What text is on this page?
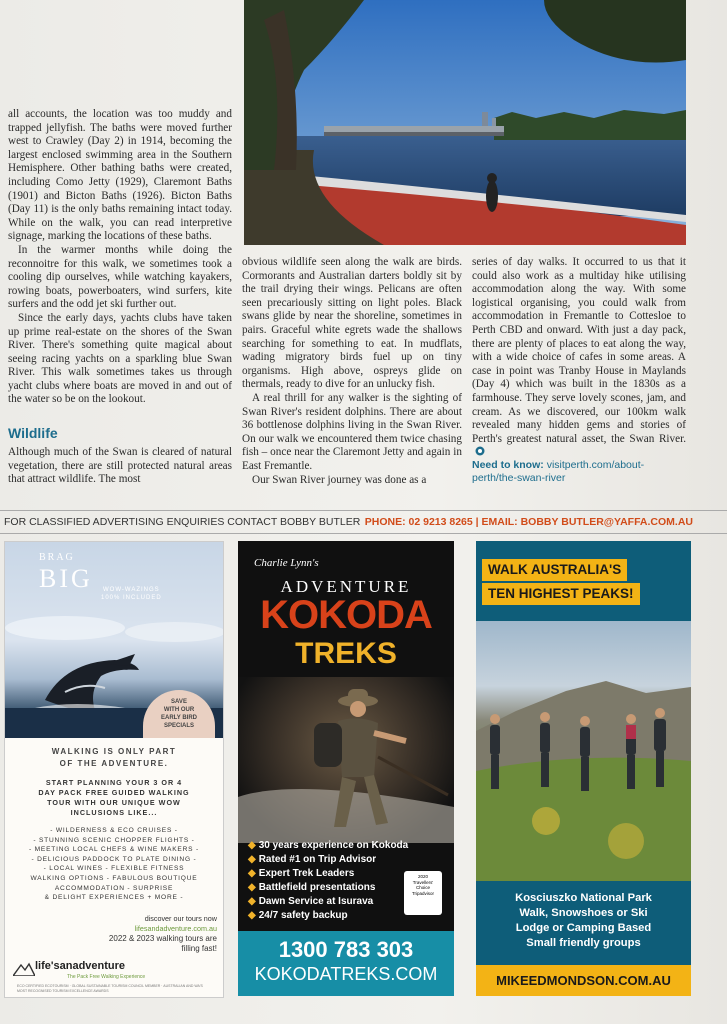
all accounts, the location was too muddy and trapped jellyfish. The baths were moved further west to Crawley (Day 2) in 1914, becoming the largest enclosed swimming area in the Southern Hemisphere. Other bathing baths were created, including Como Jetty (1929), Claremont Baths (1901) and Bicton Baths (1926). Bicton Baths (Day 11) is the only baths remaining intact today. While on the walk, you can read interpretive signage, marking the locations of these baths.

In the warmer months while doing the reconnoitre for this walk, we sometimes took a cooling dip ourselves, while watching kayakers, rowing boats, powerboaters, wind surfers, kite surfers and the odd jet ski further out.

Since the early days, yachts clubs have taken up prime real-estate on the shores of the Swan River. There's something quite magical about seeing racing yachts on a sparkling blue Swan River. This walk sometimes takes us through yacht clubs where boats are moved in and out of the water so be on the lookout.

Wildlife

Although much of the Swan is cleared of natural vegetation, there are still protected natural areas that attract wildlife. The most

obvious wildlife seen along the walk are birds. Cormorants and Australian darters boldly sit by the trail drying their wings. Pelicans are often seen precariously sitting on light poles. Black swans glide by near the shoreline, sometimes in pairs. Graceful white egrets wade the shallows searching for something to eat. In mudflats, wading migratory birds fuel up on tiny organisms. High above, ospreys glide on thermals, ready to dive for an unlucky fish.

A real thrill for any walker is the sighting of Swan River's resident dolphins. There are about 36 bottlenose dolphins living in the Swan River. On our walk we encountered them twice chasing fish – once near the Claremont Jetty and again in East Fremantle.

Our Swan River journey was done as a

series of day walks. It occurred to us that it could also work as a multiday hike utilising accommodation along the way. With some logistical organising, you could walk from accommodation in Fremantle to Cottesloe to Perth CBD and onward. With just a day pack, there are plenty of places to eat along the way, with a wide choice of cafes in some areas. A case in point was Tranby House in Maylands (Day 4) which was built in the 1830s as a farmhouse. They serve lovely scones, jam, and cream. As we discovered, our 100km walk revealed many hidden gems and stories of Perth's greatest natural asset, the Swan River.

Need to know: visitperth.com/about-perth/the-swan-river
FOR CLASSIFIED ADVERTISING ENQUIRIES CONTACT BOBBY BUTLER PHONE: 02 9213 8265 | EMAIL: BOBBY BUTLER@YAFFA.COM.AU
BRAG
BIG	WOW-WAZINGS
100% INCLUDED
SAVE
WITH OUR
EARLY BIRD
SPECIALS
WALKING IS ONLY PART
OF THE ADVENTURE.
START PLANNING YOUR 3 OR 4
DAY PACK FREE GUIDED WALKING
TOUR WITH OUR UNIQUE WOW
INCLUSIONS LIKE...
- WILDERNESS & ECO CRUISES -
- STUNNING SCENIC CHOPPER FLIGHTS -
- MEETING LOCAL CHEFS & WINE MAKERS -
- DELICIOUS PADDOCK TO PLATE DINING -
- LOCAL WINES - FLEXIBLE FITNESS
WALKING OPTIONS - FABULOUS BOUTIQUE
ACCOMMODATION - SURPRISE
& DELIGHT EXPERIENCES + MORE -
discover our tours now
lifesandadventure.com.au
2022 & 2023 walking tours are filling fast!
life'sanadventure
The Pack Free Walking Experience
ECO CERTIFIED ECOTOURISM · GLOBAL SUSTAINABLE TOURISM COUNCIL MEMBER · AUSTRALIAN AND WA'S MOST RECOGNISED TOURISM EXCELLENCE AWARDS
Charlie Lynn's
ADVENTURE
KOKODA
TREKS
◆ 30 years experience on Kokoda
◆ Rated #1 on Trip Advisor
◆ Expert Trek Leaders
◆ Battlefield presentations
◆ Dawn Service at Isurava
◆ 24/7 safety backup
2020
Travellers'
Choice
Tripadvisor
1300 783 303
KOKODATREKS.COM
WALK AUSTRALIA'S
TEN HIGHEST PEAKS!
Kosciuszko National Park
Walk, Snowshoes or Ski
Lodge or Camping Based
Small friendly groups
MIKEEDMONDSON.COM.AU
